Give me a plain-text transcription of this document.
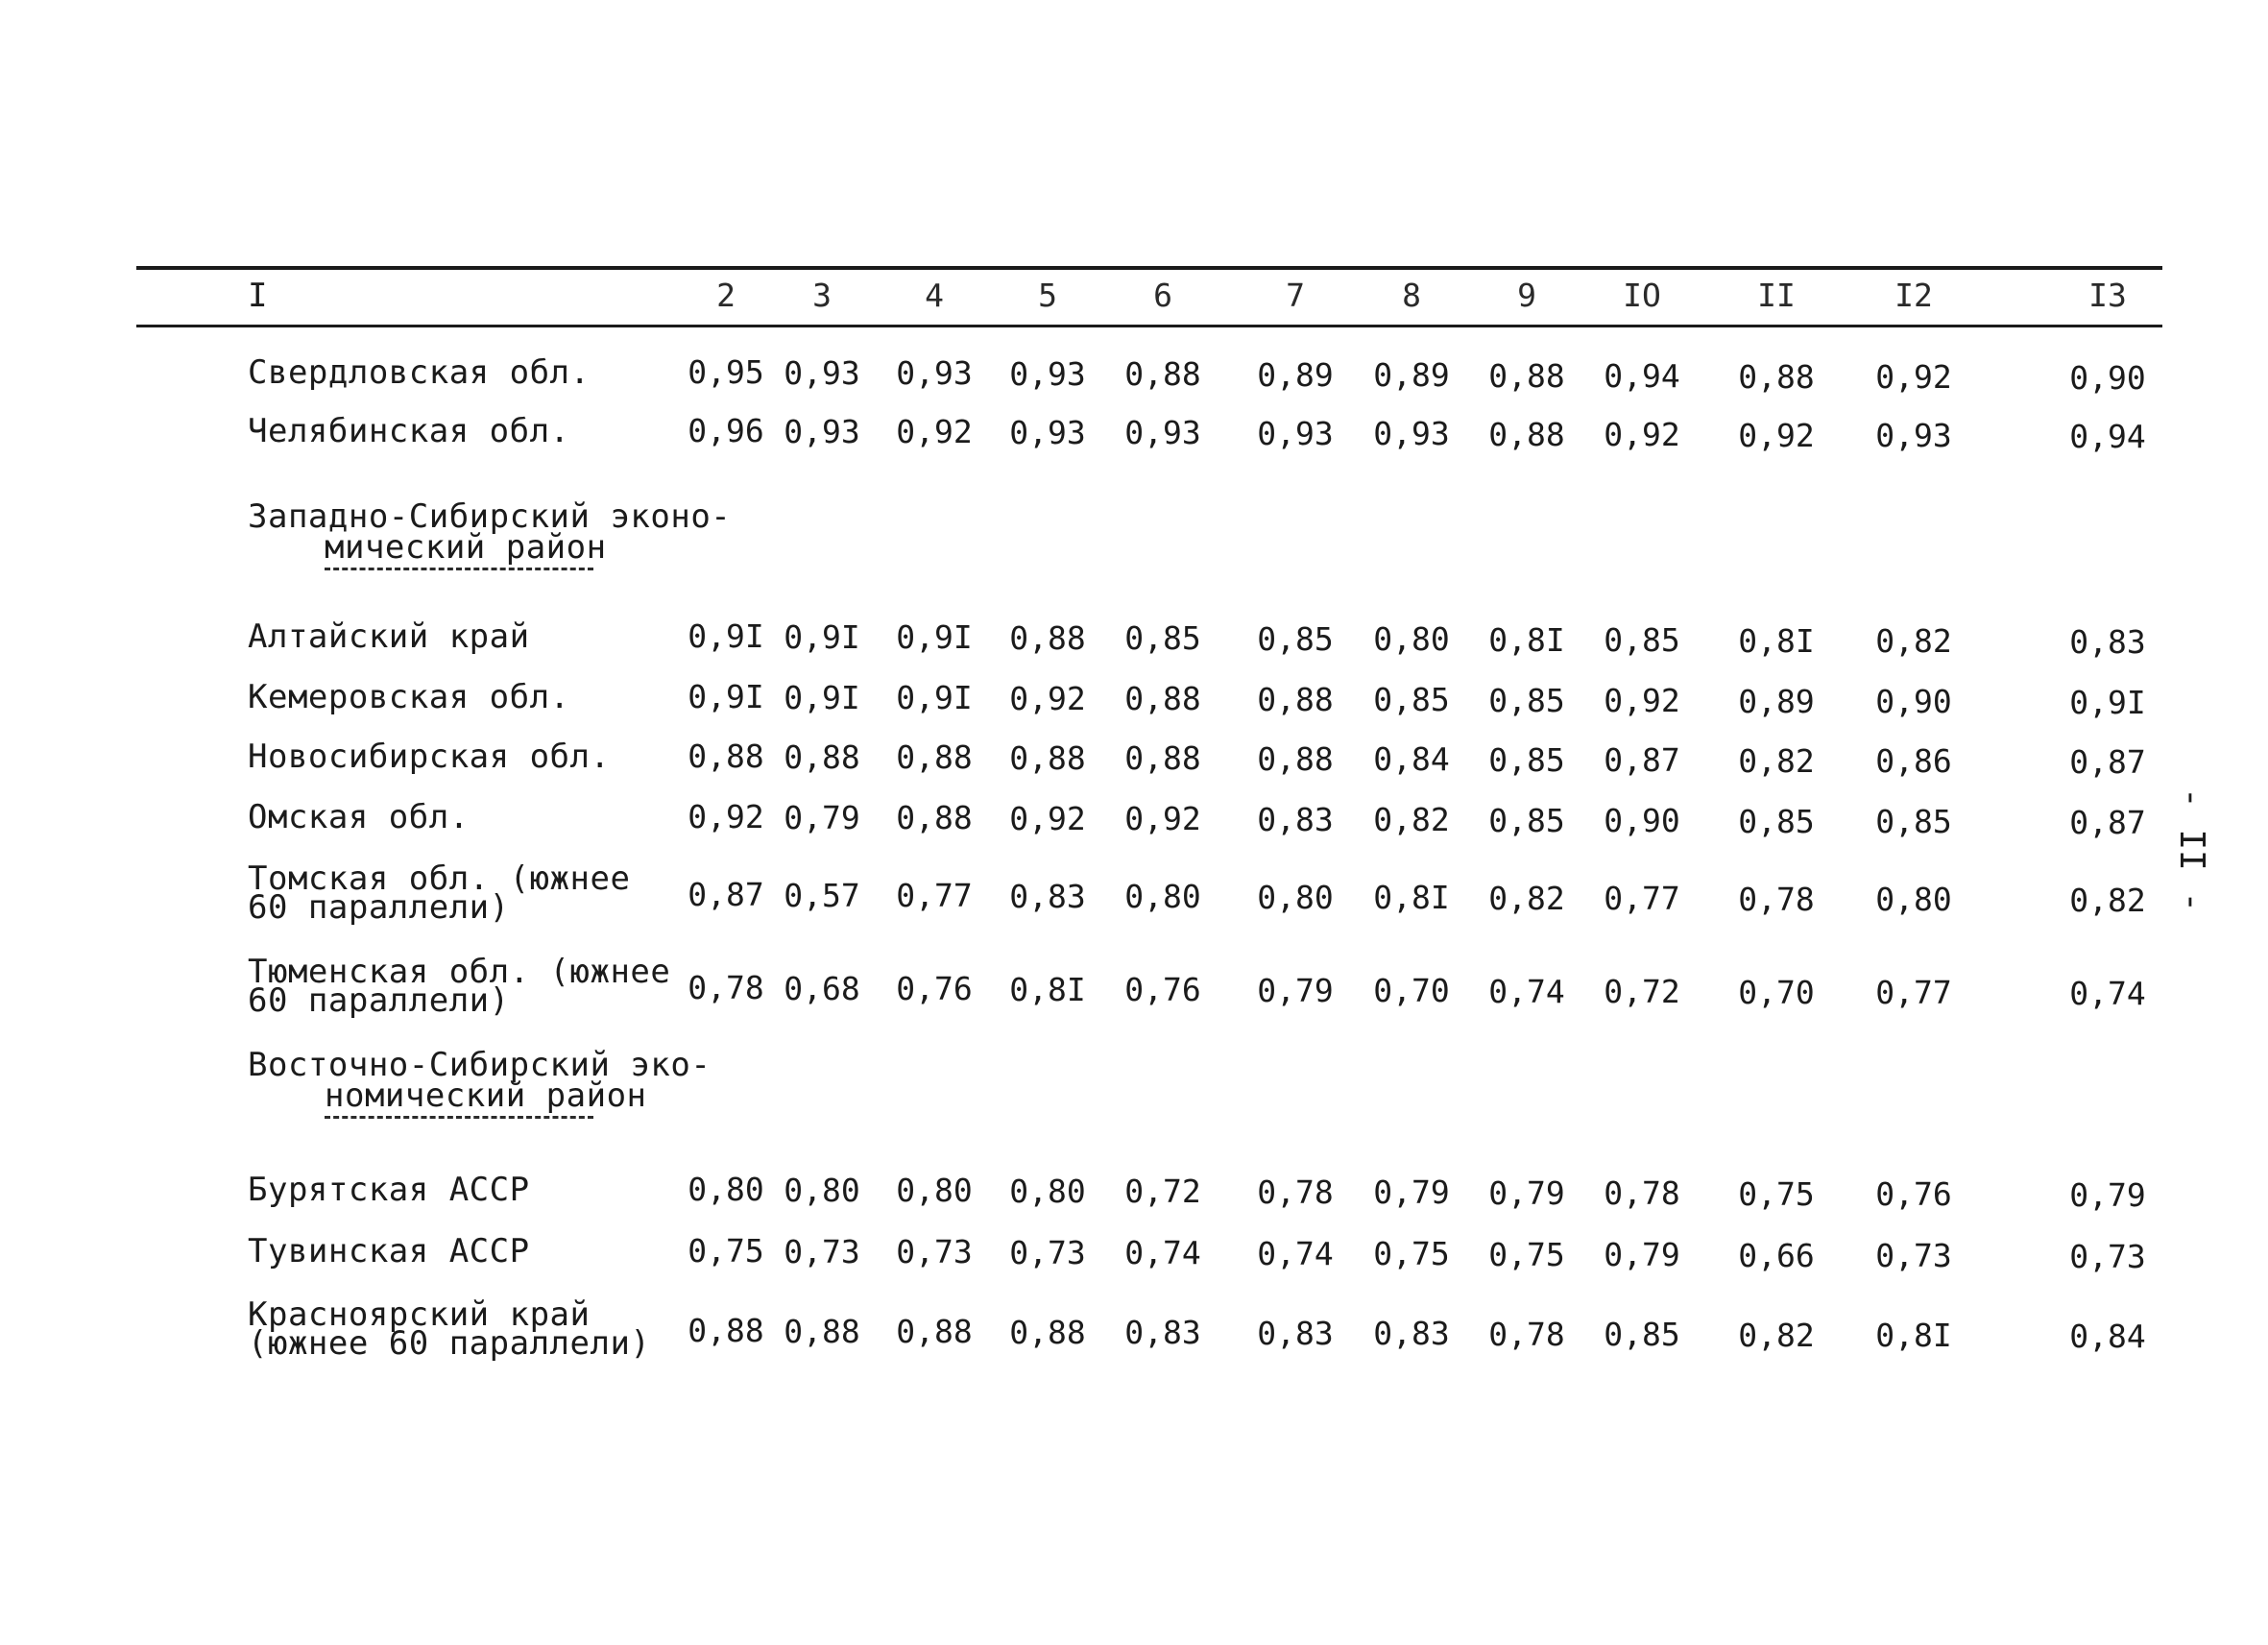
I	2 3	4	5	6	7	8	9	IO	II	I2	I3
Свердловская обл.	0,95 0,93 0,93 0,93 0,88 0,89 0,89 0,88 0,94 0,88 0,92	0,90
Челябинская обл.	0,96 0,93 0,92 0,93 0,93 0,93 0,93 0,88 0,92 0,92 0,93	0,94
Западно-Сибирский эконо-
мический район
Алтайский край	0,9I 0,9I 0,9I 0,88 0,85 0,85 0,80 0,8I 0,85 0,8I 0,82	0,83
Кемеровская обл.	0,9I 0,9I 0,9I 0,92 0,88 0,88 0,85 0,85 0,92 0,89 0,90	0,9I
Новосибирская обл. 0,88 0,88 0,88 0,88 0,88 0,88 0,84 0,85 0,87 0,82 0,86	0,87
Омская обл.	0,92 0,79 0,88 0,92 0,92 0,83 0,82 0,85 0,90 0,85 0,85	0,87
Томская обл. (южнее
60 параллели)	0,87 0,57 0,77 0,83 0,80 0,80 0,8I 0,82 0,77 0,78 0,80	0,82
Тюменская обл. (южнее
60 параллели)	0,78 0,68 0,76 0,8I 0,76 0,79 0,70 0,74 0,72 0,70 0,77	0,74
Восточно-Сибирский эко-
номический район
Бурятская АССР	0,80 0,80 0,80 0,80 0,72 0,78 0,79 0,79 0,78 0,75 0,76	0,79
Тувинская АССР	0,75 0,73 0,73 0,73 0,74 0,74 0,75 0,75 0,79 0,66 0,73	0,73
Красноярский край
(южнее 60 параллели) 0,88 0,88 0,88 0,88 0,83 0,83 0,83 0,78 0,85 0,82 0,8I	0,84
- II -
